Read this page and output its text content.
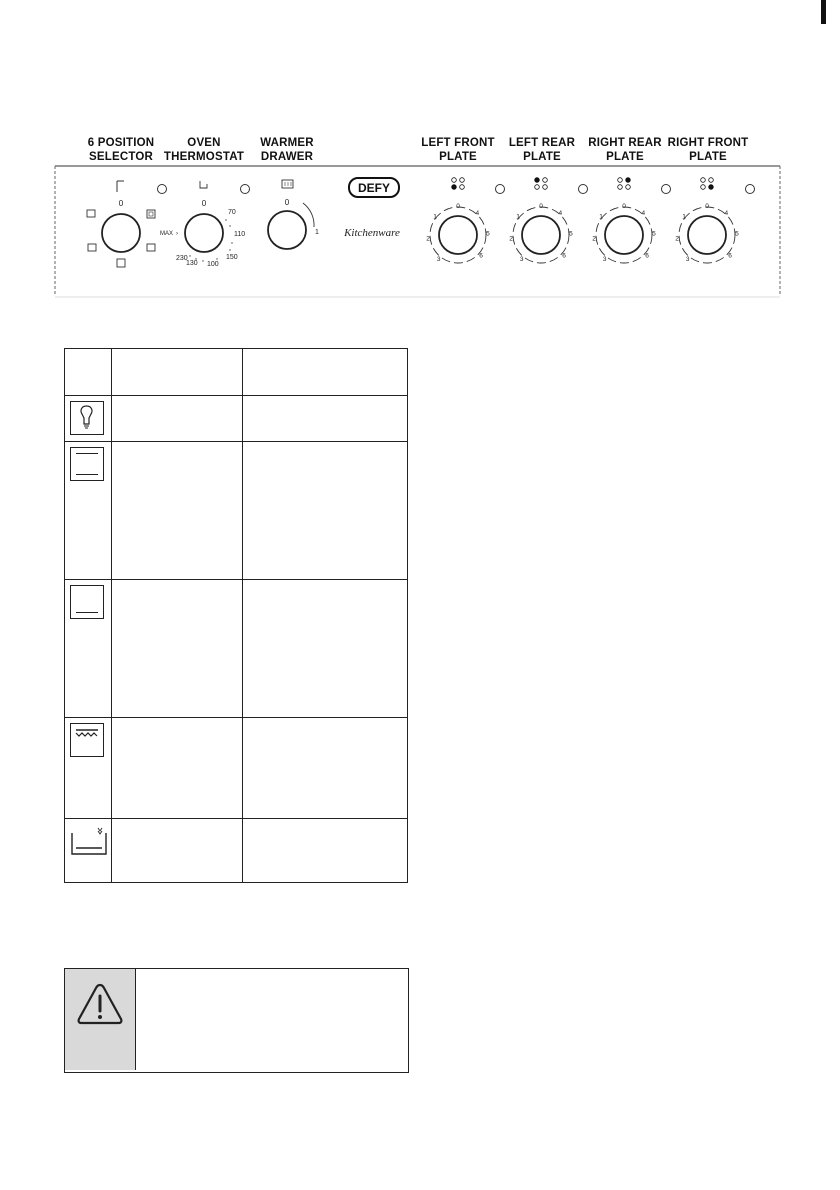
6 POSITION
SELECTOR
OVEN
THERMOSTAT
WARMER
DRAWER
LEFT FRONT
PLATE
LEFT REAR
PLATE
RIGHT REAR
PLATE
RIGHT FRONT
PLATE
0	0
MAX ›
70
110
150
100
130
230
0
1
DEFY
Kitchenware
0
1
2
3
4
5
6
0
1
2
3
4
5
6
0
1
2
3
4
5
6
0
1
2
3
4
5
6
